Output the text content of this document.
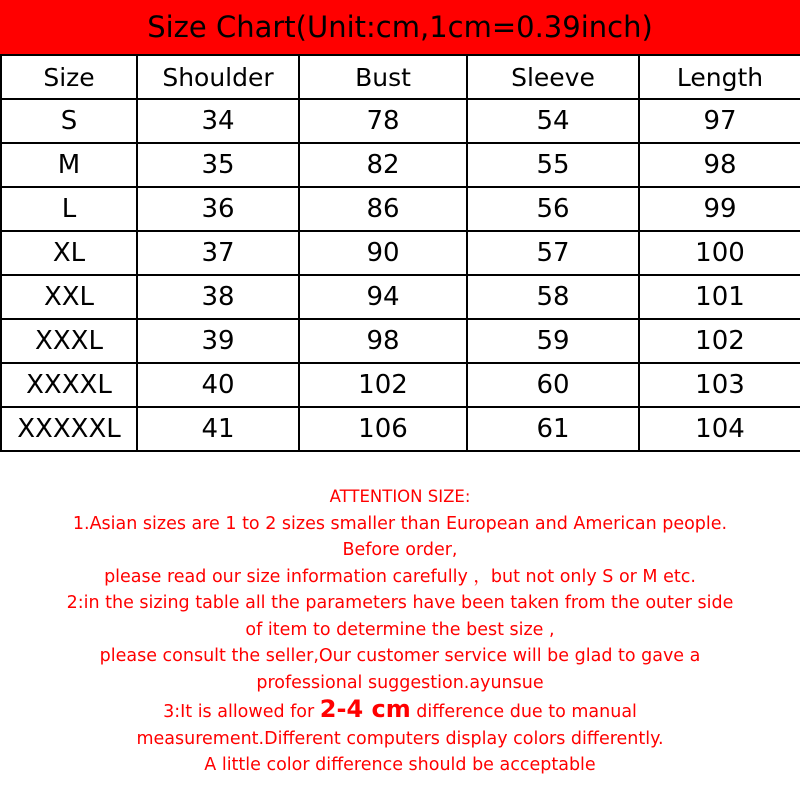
Size Chart(Unit:cm,1cm=0.39inch)
Size	Shoulder	Bust	Sleeve	Length
S	34	78	54	97
M	35	82	55	98
L	36	86	56	99
XL	37	90	57	100
XXL	38	94	58	101
XXXL	39	98	59	102
XXXXL	40	102	60	103
XXXXXL	41	106	61	104
ATTENTION SIZE:
1.Asian sizes are 1 to 2 sizes smaller than European and American people.
Before order,
please read our size information carefully ，but not only S or M etc.
2:in the sizing table all the parameters have been taken from the outer side
of item to determine the best size ,
please consult the seller,Our customer service will be glad to gave a
professional suggestion.ayunsue
3:It is allowed for 2-4 cm difference due to manual
measurement.Different computers display colors differently.
A little color difference should be acceptable
